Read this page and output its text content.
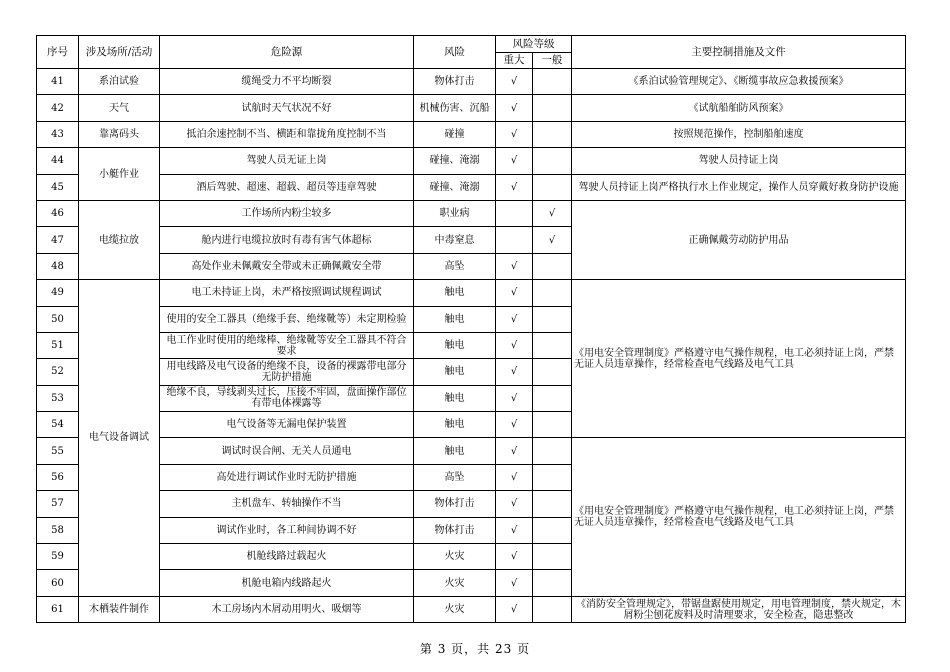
序号	涉及场所/活动	危险源	风险	风险等级		主要控制措施及文件
				重大	一般	
41	系泊试验	缆绳受力不平均断裂	物体打击	√		《系泊试验管理规定》、《断缆事故应急救援预案》
42	天气	试航时天气状况不好	机械伤害、沉船	√		《试航船舶防风预案》
43	靠离码头	抵泊余速控制不当、横距和靠拢角度控制不当	碰撞	√		按照规范操作，控制船舶速度
44	小艇作业	驾驶人员无证上岗	碰撞、淹溺	√		驾驶人员持证上岗
45		酒后驾驶、超速、超载、超员等违章驾驶	碰撞、淹溺	√		驾驶人员持证上岗严格执行水上作业规定，操作人员穿戴好救身防护设施
46	电缆拉放	工作场所内粉尘较多	职业病		√	正确佩戴劳动防护用品
47		舱内进行电缆拉放时有毒有害气体超标	中毒窒息		√	
48		高处作业未佩戴安全带或未正确佩戴安全带	高坠	√		
49	电气设备调试	电工未持证上岗，未严格按照调试规程调试	触电	√		《用电安全管理制度》严格遵守电气操作规程，电工必须持证上岗，严禁无证人员违章操作，经常检查电气线路及电气工具
50		使用的安全工器具（绝缘手套、绝缘靴等）未定期检验	触电	√		
51		电工作业时使用的绝缘棒、绝缘靴等安全工器具不符合要求	触电	√		
52		用电线路及电气设备的绝缘不良，设备的裸露带电部分无防护措施	触电	√		
53		绝缘不良，导线剥头过长，压接不牢固，盘面操作部位有带电体裸露等	触电	√		
54		电气设备等无漏电保护装置	触电	√		
55		调试时误合闸、无关人员通电	触电	√		《用电安全管理制度》严格遵守电气操作规程，电工必须持证上岗，严禁无证人员违章操作，经常检查电气线路及电气工具
56		高处进行调试作业时无防护措施	高坠	√		
57		主机盘车、转轴操作不当	物体打击	√		
58		调试作业时，各工种间协调不好	物体打击	√		
59		机舱线路过载起火	火灾	√		
60		机舱电箱内线路起火	火灾	√		
61	木栖装件制作	木工房场内木屑动用明火、吸烟等	火灾	√		《消防安全管理规定》，带锯盘踞使用规定，用电管理制度，禁火规定，木屑粉尘刨花废料及时清理要求，安全检查，隐患整改
第 3 页，共 23 页
